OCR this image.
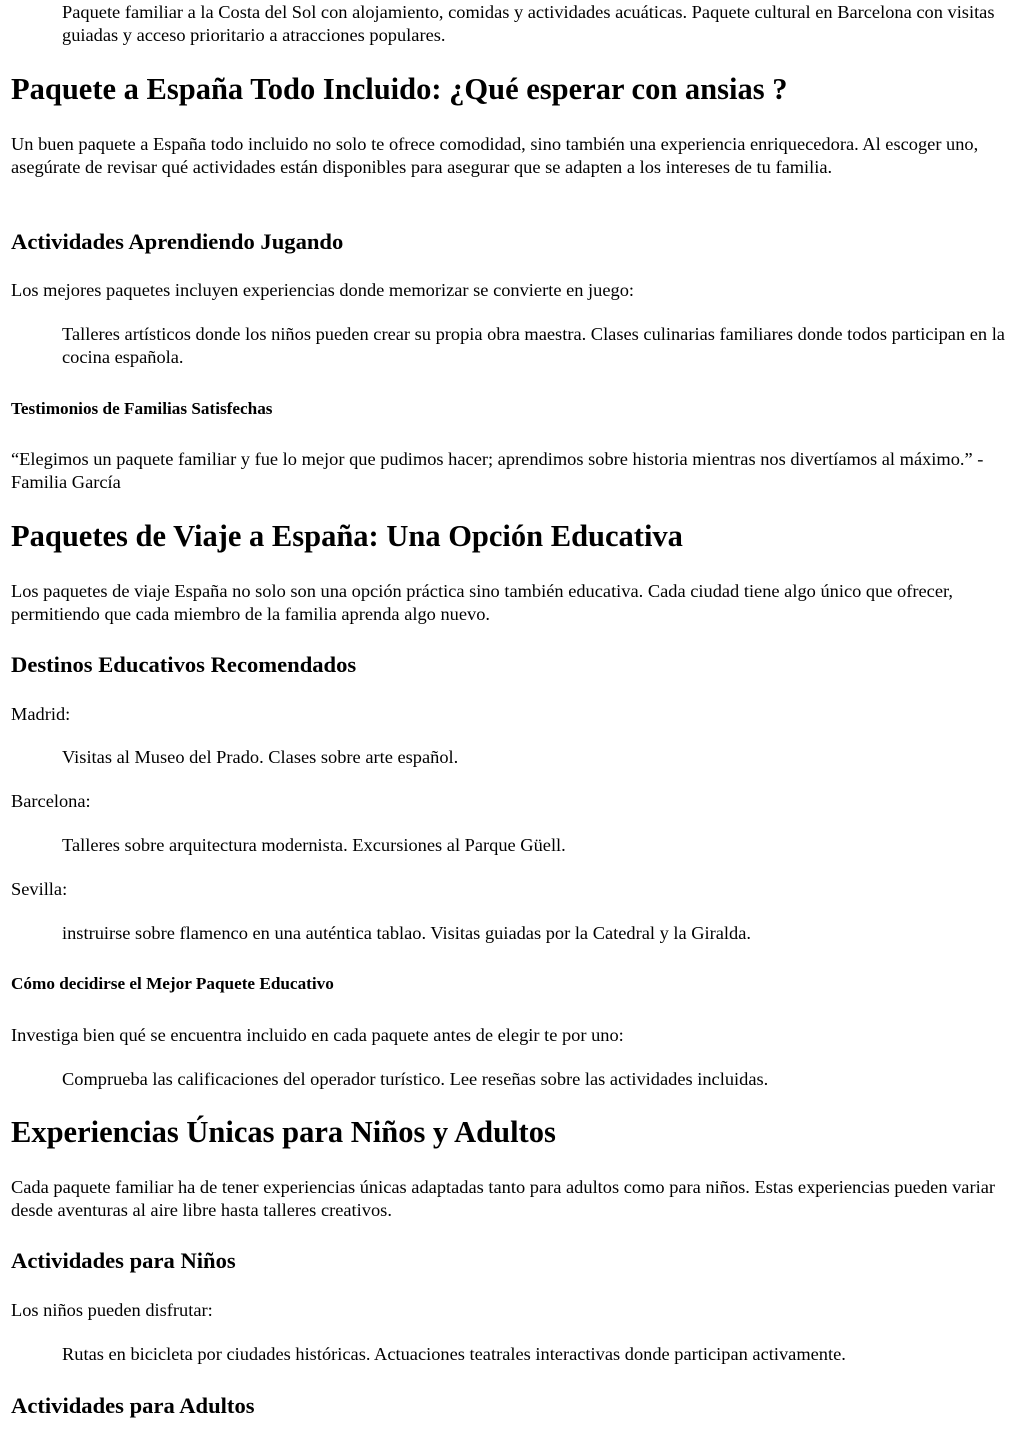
Paquete familiar a la Costa del Sol con alojamiento, comidas y actividades acuáticas. Paquete cultural en Barcelona con visitas guiadas y acceso prioritario a atracciones populares.

Paquete a España Todo Incluido: ¿Qué esperar con ansias ?

Un buen paquete a España todo incluido no solo te ofrece comodidad, sino también una experiencia enriquecedora. Al escoger uno, asegúrate de revisar qué actividades están disponibles para asegurar que se adapten a los intereses de tu familia.

Actividades Aprendiendo Jugando

Los mejores paquetes incluyen experiencias donde memorizar se convierte en juego:

Talleres artísticos donde los niños pueden crear su propia obra maestra. Clases culinarias familiares donde todos participan en la cocina española.

Testimonios de Familias Satisfechas

“Elegimos un paquete familiar y fue lo mejor que pudimos hacer; aprendimos sobre historia mientras nos divertíamos al máximo.” - Familia García

Paquetes de Viaje a España: Una Opción Educativa

Los paquetes de viaje España no solo son una opción práctica sino también educativa. Cada ciudad tiene algo único que ofrecer, permitiendo que cada miembro de la familia aprenda algo nuevo.

Destinos Educativos Recomendados

Madrid:

Visitas al Museo del Prado. Clases sobre arte español.

Barcelona:

Talleres sobre arquitectura modernista. Excursiones al Parque Güell.

Sevilla:

instruirse sobre flamenco en una auténtica tablao. Visitas guiadas por la Catedral y la Giralda.

Cómo decidirse el Mejor Paquete Educativo

Investiga bien qué se encuentra incluido en cada paquete antes de elegir te por uno:

Comprueba las calificaciones del operador turístico. Lee reseñas sobre las actividades incluidas.

Experiencias Únicas para Niños y Adultos

Cada paquete familiar ha de tener experiencias únicas adaptadas tanto para adultos como para niños. Estas experiencias pueden variar desde aventuras al aire libre hasta talleres creativos.

Actividades para Niños

Los niños pueden disfrutar:

Rutas en bicicleta por ciudades históricas. Actuaciones teatrales interactivas donde participan activamente.

Actividades para Adultos
